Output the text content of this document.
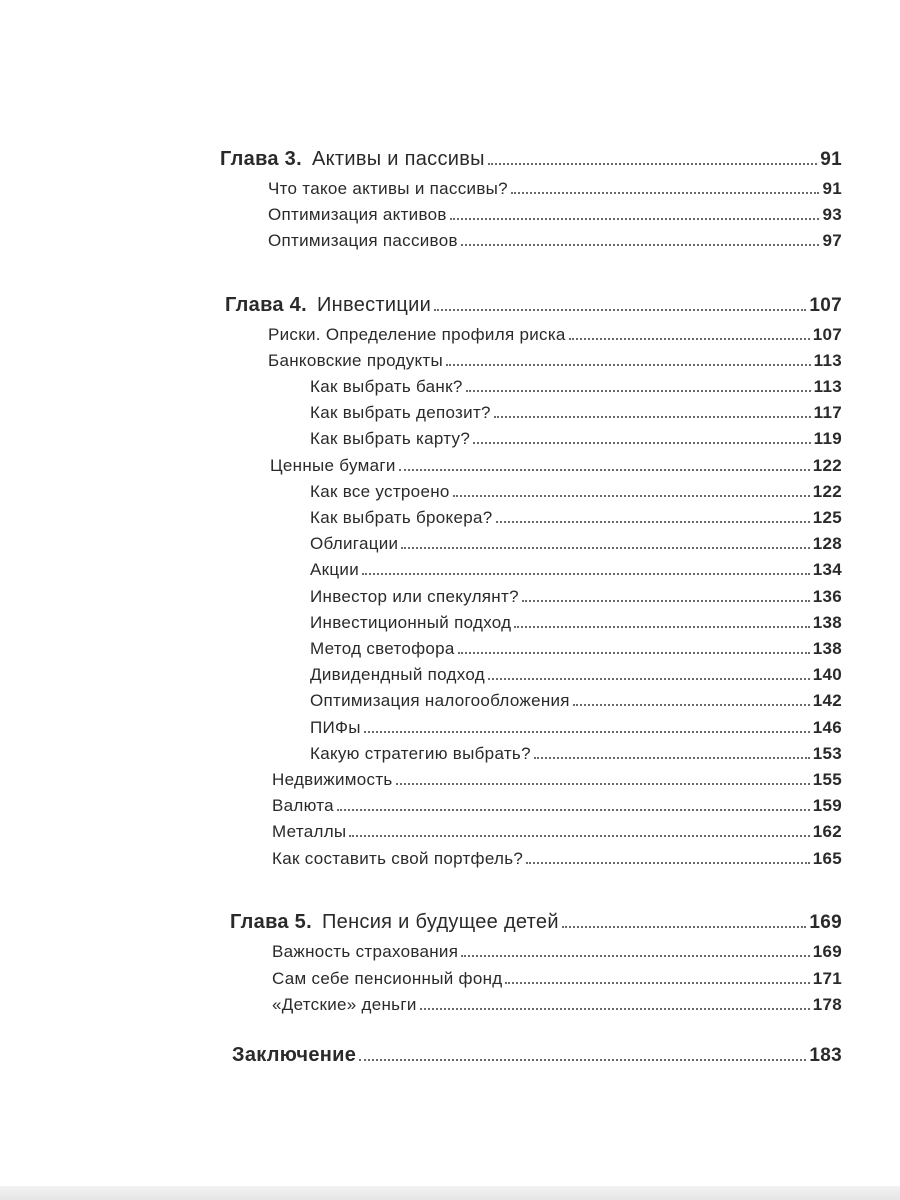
Глава 3. Активы и пассивы	91
Что такое активы и пассивы?	91
Оптимизация активов	93
Оптимизация пассивов	97
Глава 4. Инвестиции	107
Риски. Определение профиля риска	107
Банковские продукты	113
Как выбрать банк?	113
Как выбрать депозит?	117
Как выбрать карту?	119
Ценные бумаги	122
Как все устроено	122
Как выбрать брокера?	125
Облигации	128
Акции	134
Инвестор или спекулянт?	136
Инвестиционный подход	138
Метод светофора	138
Дивидендный подход	140
Оптимизация налогообложения	142
ПИФы	146
Какую стратегию выбрать?	153
Недвижимость	155
Валюта	159
Металлы	162
Как составить свой портфель?	165
Глава 5. Пенсия и будущее детей	169
Важность страхования	169
Сам себе пенсионный фонд	171
«Детские» деньги	178
Заключение	183
